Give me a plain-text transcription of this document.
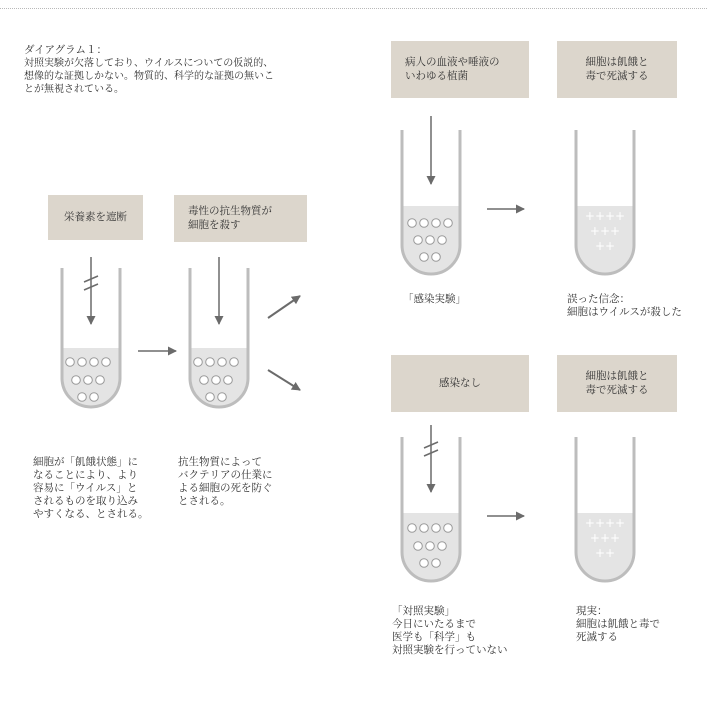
ダイアグラム１：
対照実験が欠落しており、ウイルスについての仮説的、
想像的な証拠しかない。物質的、科学的な証拠の無いこ
とが無視されている。
栄養素を遮断	毒性の抗生物質が
細胞を殺す
病人の血液や唾液の
いわゆる植菌
細胞は飢餓と
毒で死滅する
感染なし
細胞は飢餓と
毒で死滅する
++++
+++
++
++++
+++
++
細胞が「飢餓状態」に
なることにより、より
容易に「ウイルス」と
されるものを取り込み
やすくなる、とされる。
抗生物質によって
バクテリアの仕業に
よる細胞の死を防ぐ
とされる。
「感染実験」	誤った信念：
細胞はウイルスが殺した
「対照実験」
今日にいたるまで
医学も「科学」も
対照実験を行っていない
現実：
細胞は飢餓と毒で
死滅する
